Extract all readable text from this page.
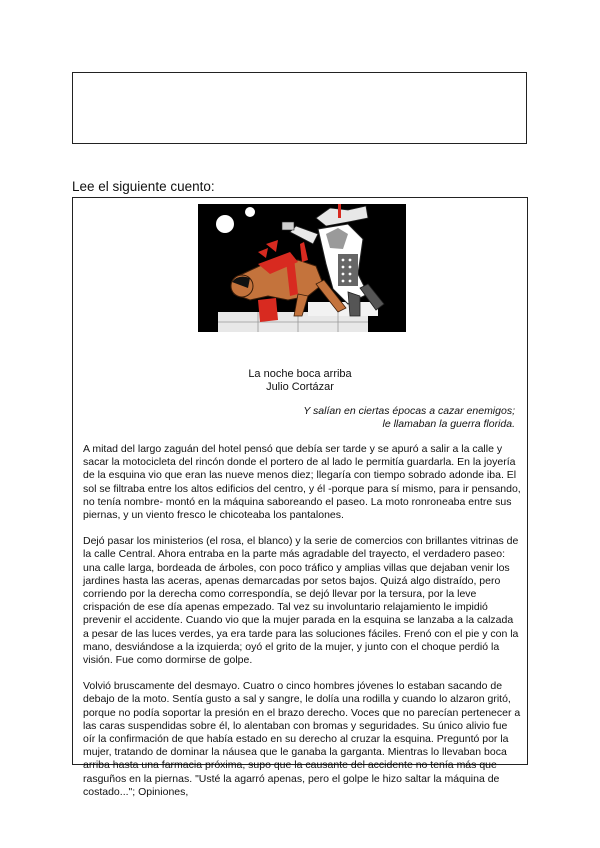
Lee el siguiente cuento:
La noche boca arriba
Julio Cortázar
Y salían en ciertas épocas a cazar enemigos;
le llamaban la guerra florida.

A mitad del largo zaguán del hotel pensó que debía ser tarde y se apuró a salir a la calle y sacar la motocicleta del rincón donde el portero de al lado le permitía guardarla. En la joyería de la esquina vio que eran las nueve menos diez; llegaría con tiempo sobrado adonde iba. El sol se filtraba entre los altos edificios del centro, y él -porque para sí mismo, para ir pensando, no tenía nombre- montó en la máquina saboreando el paseo. La moto ronroneaba entre sus piernas, y un viento fresco le chicoteaba los pantalones.

Dejó pasar los ministerios (el rosa, el blanco) y la serie de comercios con brillantes vitrinas de la calle Central. Ahora entraba en la parte más agradable del trayecto, el verdadero paseo: una calle larga, bordeada de árboles, con poco tráfico y amplias villas que dejaban venir los jardines hasta las aceras, apenas demarcadas por setos bajos. Quizá algo distraído, pero corriendo por la derecha como correspondía, se dejó llevar por la tersura, por la leve crispación de ese día apenas empezado. Tal vez su involuntario relajamiento le impidió prevenir el accidente. Cuando vio que la mujer parada en la esquina se lanzaba a la calzada a pesar de las luces verdes, ya era tarde para las soluciones fáciles. Frenó con el pie y con la mano, desviándose a la izquierda; oyó el grito de la mujer, y junto con el choque perdió la visión. Fue como dormirse de golpe.

Volvió bruscamente del desmayo. Cuatro o cinco hombres jóvenes lo estaban sacando de debajo de la moto. Sentía gusto a sal y sangre, le dolía una rodilla y cuando lo alzaron gritó, porque no podía soportar la presión en el brazo derecho. Voces que no parecían pertenecer a las caras suspendidas sobre él, lo alentaban con bromas y seguridades. Su único alivio fue oír la confirmación de que había estado en su derecho al cruzar la esquina. Preguntó por la mujer, tratando de dominar la náusea que le ganaba la garganta. Mientras lo llevaban boca arriba hasta una farmacia próxima, supo que la causante del accidente no tenía más que rasguños en la piernas. "Usté la agarró apenas, pero el golpe le hizo saltar la máquina de costado..."; Opiniones,
